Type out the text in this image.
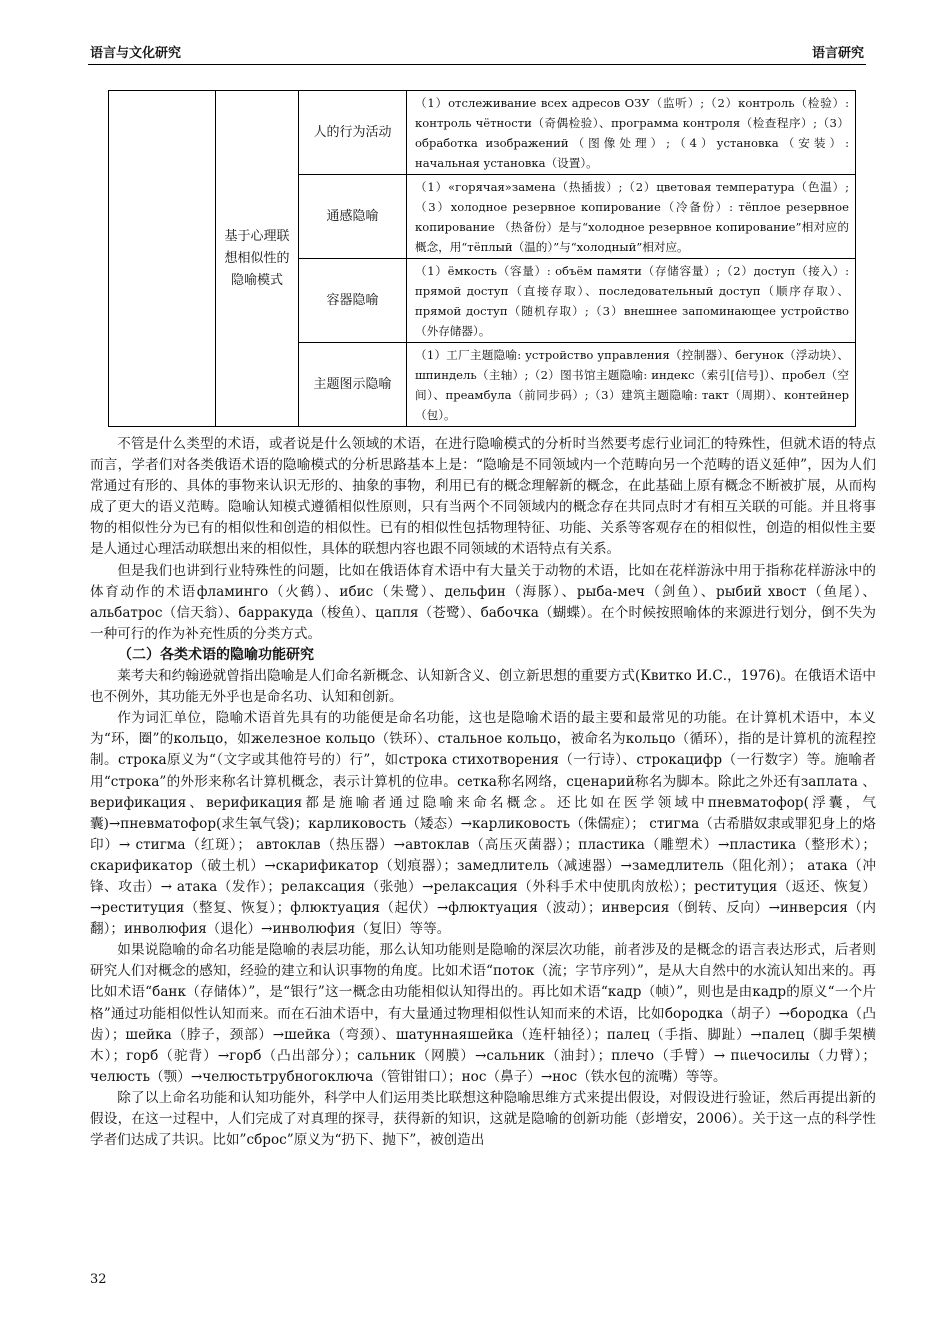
语言与文化研究	语言研究
	基于心理联想相似性的隐喻模式	人的行为活动	（1）отслеживание всех адресов ОЗУ（监听）;（2）контроль（检验）: контроль чётности（奇偶检验）、программа контроля（检查程序）;（3）обработка изображений（图像处理）;（4）установка（安装）: начальная установка（设置）。
		通感隐喻	（1）«горячая»замена（热插拔）;（2）цветовая температура（色温）;（3）холодное резервное копирование（冷备份）: тёплое резервное копирование （热备份）是与“холодное резервное копирование”相对应的概念，用“тёплый（温的）”与“холодный”相对应。
		容器隐喻	（1）ёмкость（容量）: объём памяти（存储容量）;（2）доступ（接入）: прямой доступ（直接存取）、последовательный доступ（顺序存取）、прямой доступ（随机存取）;（3）внешнее запоминающее устройство（外存储器）。
		主题图示隐喻	（1）工厂主题隐喻: устройство управления（控制器）、бегунок（浮动块）、шпиндель（主轴）;（2）图书馆主题隐喻: индекс（索引[信号]）、пробел（空间）、преамбула（前同步码）;（3）建筑主题隐喻: такт（周期）、контейнер（包）。

不管是什么类型的术语，或者说是什么领域的术语，在进行隐喻模式的分析时当然要考虑行业词汇的特殊性，但就术语的特点而言，学者们对各类俄语术语的隐喻模式的分析思路基本上是：“隐喻是不同领域内一个范畴向另一个范畴的语义延伸”，因为人们常通过有形的、具体的事物来认识无形的、抽象的事物，利用已有的概念理解新的概念，在此基础上原有概念不断被扩展，从而构成了更大的语义范畴。隐喻认知模式遵循相似性原则，只有当两个不同领域内的概念存在共同点时才有相互关联的可能。并且将事物的相似性分为已有的相似性和创造的相似性。已有的相似性包括物理特征、功能、关系等客观存在的相似性，创造的相似性主要是人通过心理活动联想出来的相似性，具体的联想内容也跟不同领域的术语特点有关系。

但是我们也讲到行业特殊性的问题，比如在俄语体育术语中有大量关于动物的术语，比如在花样游泳中用于指称花样游泳中的体育动作的术语фламинго（火鹤）、ибис（朱鹭）、дельфин（海豚）、рыба-меч（剑鱼）、рыбий хвост（鱼尾）、альбатрос（信天翁）、барракуда（梭鱼）、цапля（苍鹭）、бабочка（蝴蝶）。在个时候按照喻体的来源进行划分，倒不失为一种可行的作为补充性质的分类方式。

（二）各类术语的隐喻功能研究

莱考夫和约翰逊就曾指出隐喻是人们命名新概念、认知新含义、创立新思想的重要方式(Квитко И.С.，1976)。在俄语术语中也不例外，其功能无外乎也是命名功、认知和创新。

作为词汇单位，隐喻术语首先具有的功能便是命名功能，这也是隐喻术语的最主要和最常见的功能。在计算机术语中，本义为“环，圈”的кольцо，如железное кольцо（铁环）、стальное кольцо，被命名为кольцо（循环），指的是计算机的流程控制。строка原义为“（文字或其他符号的）行”，如строка стихотворения（一行诗）、строкацифр（一行数字）等。施喻者用“строка”的外形来称名计算机概念，表示计算机的位串。сетка称名网络，сценарий称名为脚本。除此之外还有заплата 、верификация、верификация都是施喻者通过隐喻来命名概念。还比如在医学领域中пневматофор(浮囊，气囊)→пневматофор(求生氧气袋)；карликовость（矮态）→карликовость（侏儒症）； стигма（古希腊奴隶或罪犯身上的烙印）→ стигма（红斑）； автоклав（热压器）→автоклав（高压灭菌器）；пластика（雕塑术）→пластика（整形术）；скарификатор（破土机）→скарификатор（划痕器）；замедлитель（减速器）→замедлитель（阻化剂）； атака（冲锋、攻击）→ атака（发作）；релаксация（张弛）→релаксация（外科手术中使肌肉放松）；реституция（返还、恢复）→реституция（整复、恢复）；флюктуация（起伏）→флюктуация（波动）；инверсия（倒转、反向）→инверсия（内翻）；инволюфия（退化）→инволюфия（复旧）等等。

如果说隐喻的命名功能是隐喻的表层功能，那么认知功能则是隐喻的深层次功能，前者涉及的是概念的语言表达形式，后者则研究人们对概念的感知，经验的建立和认识事物的角度。比如术语“поток（流；字节序列）”，是从大自然中的水流认知出来的。再比如术语“банк（存储体）”，是“银行”这一概念由功能相似认知得出的。再比如术语“кадр（帧）”，则也是由кадр的原义“一个片格”通过功能相似性认知而来。而在石油术语中，有大量通过物理相似性认知而来的术语，比如бородка（胡子）→бородка（凸齿）；шейка（脖子，颈部）→шейка（弯颈）、шатуннаяшейка（连杆轴径）；палец（手指、脚趾）→палец（脚手架横木）；горб（驼背）→горб（凸出部分）；сальник（网膜）→сальник（油封）；плечо（手臂）→ пแечосилы（力臂）；челюсть（颚）→челюстьтрубногоключа（管钳钳口）；нос（鼻子）→нос（铁水包的流嘴）等等。

除了以上命名功能和认知功能外，科学中人们运用类比联想这种隐喻思维方式来提出假设，对假设进行验证，然后再提出新的假设，在这一过程中，人们完成了对真理的探寻，获得新的知识，这就是隐喻的创新功能（彭增安，2006）。关于这一点的科学性学者们达成了共识。比如”сброс”原义为“扔下、抛下”，被创造出

32
